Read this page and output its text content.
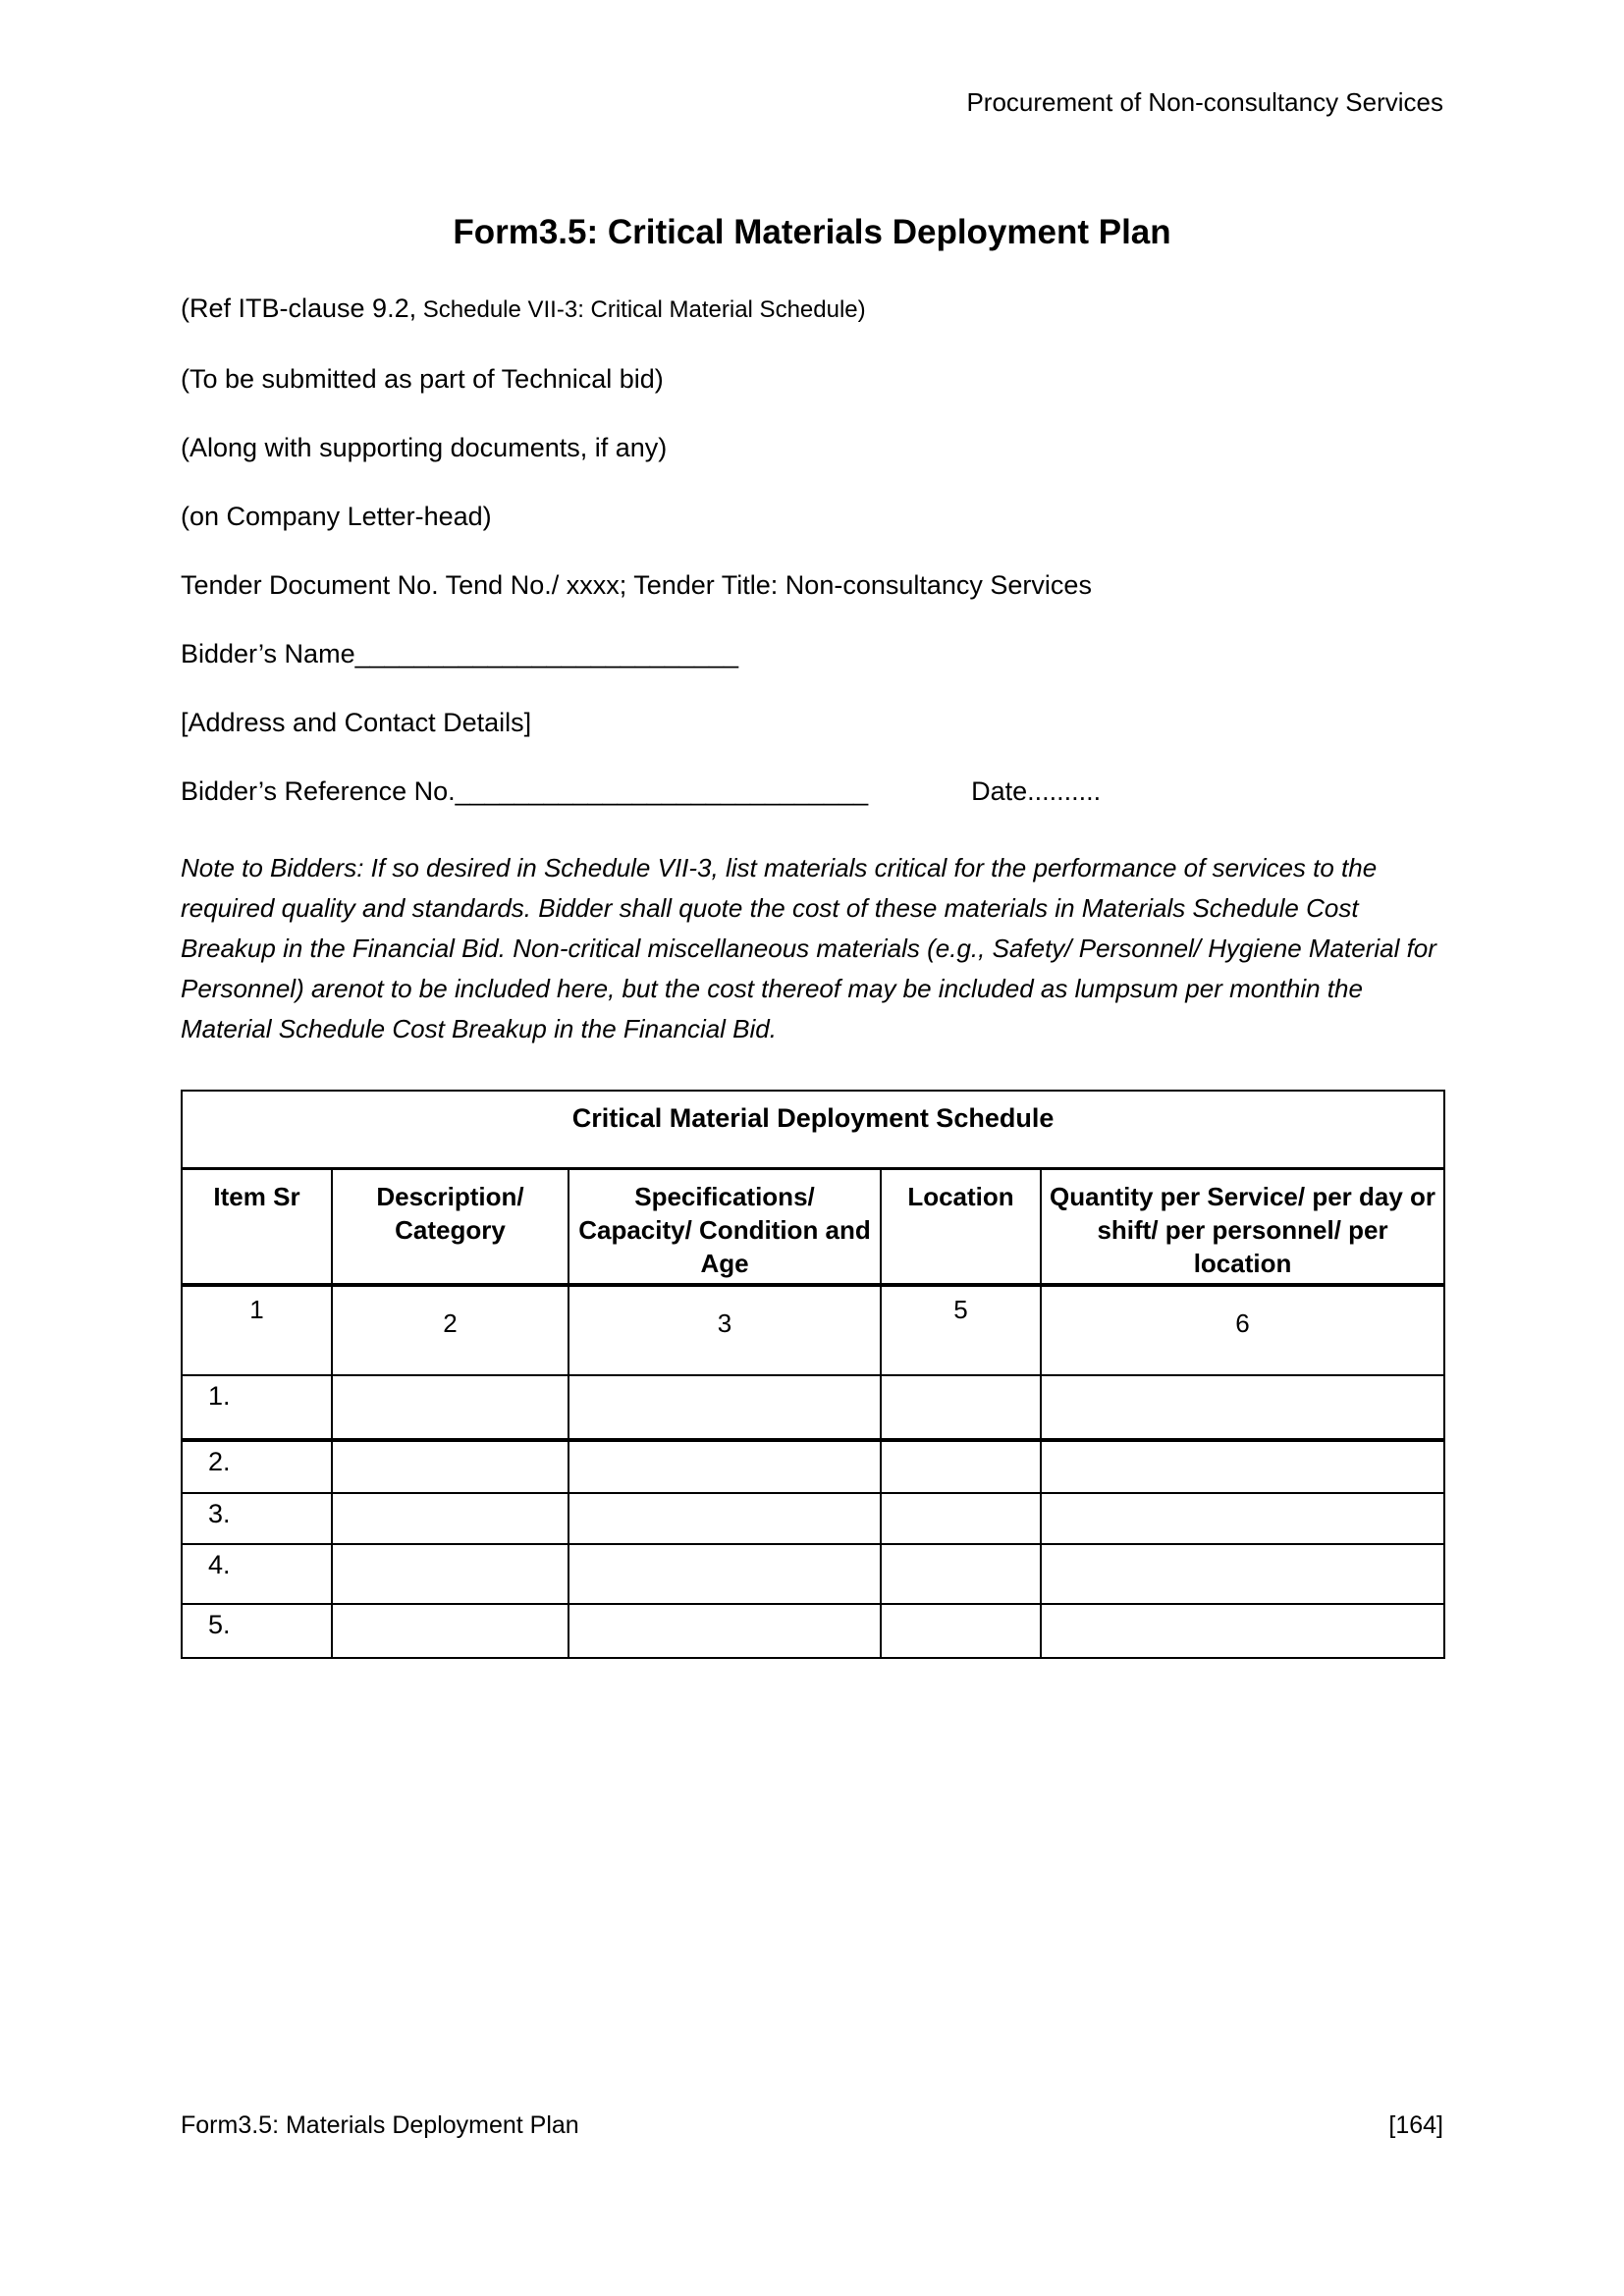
Procurement of Non-consultancy Services
Form3.5: Critical Materials Deployment Plan

(Ref ITB-clause 9.2, Schedule VII-3: Critical Material Schedule)

(To be submitted as part of Technical bid)

(Along with supporting documents, if any)

(on Company Letter-head)

Tender Document No. Tend No./ xxxx; Tender Title: Non-consultancy Services

Bidder’s Name__________________________

[Address and Contact Details]

Bidder’s Reference No.____________________________	Date..........

Note to Bidders: If so desired in Schedule VII-3, list materials critical for the performance of services to the required quality and standards. Bidder shall quote the cost of these materials in Materials Schedule Cost Breakup in the Financial Bid. Non-critical miscellaneous materials (e.g., Safety/ Personnel/ Hygiene Material for Personnel) arenot to be included here, but the cost thereof may be included as lumpsum per monthin the Material Schedule Cost Breakup in the Financial Bid.

Critical Material Deployment Schedule				
Item Sr	Description/ Category	Specifications/ Capacity/ Condition and Age	Location	Quantity per Service/ per day or shift/ per personnel/ per location
1	2	3	5	6
1.				
2.				
3.				
4.				
5.				
Form3.5: Materials Deployment Plan	[164]
